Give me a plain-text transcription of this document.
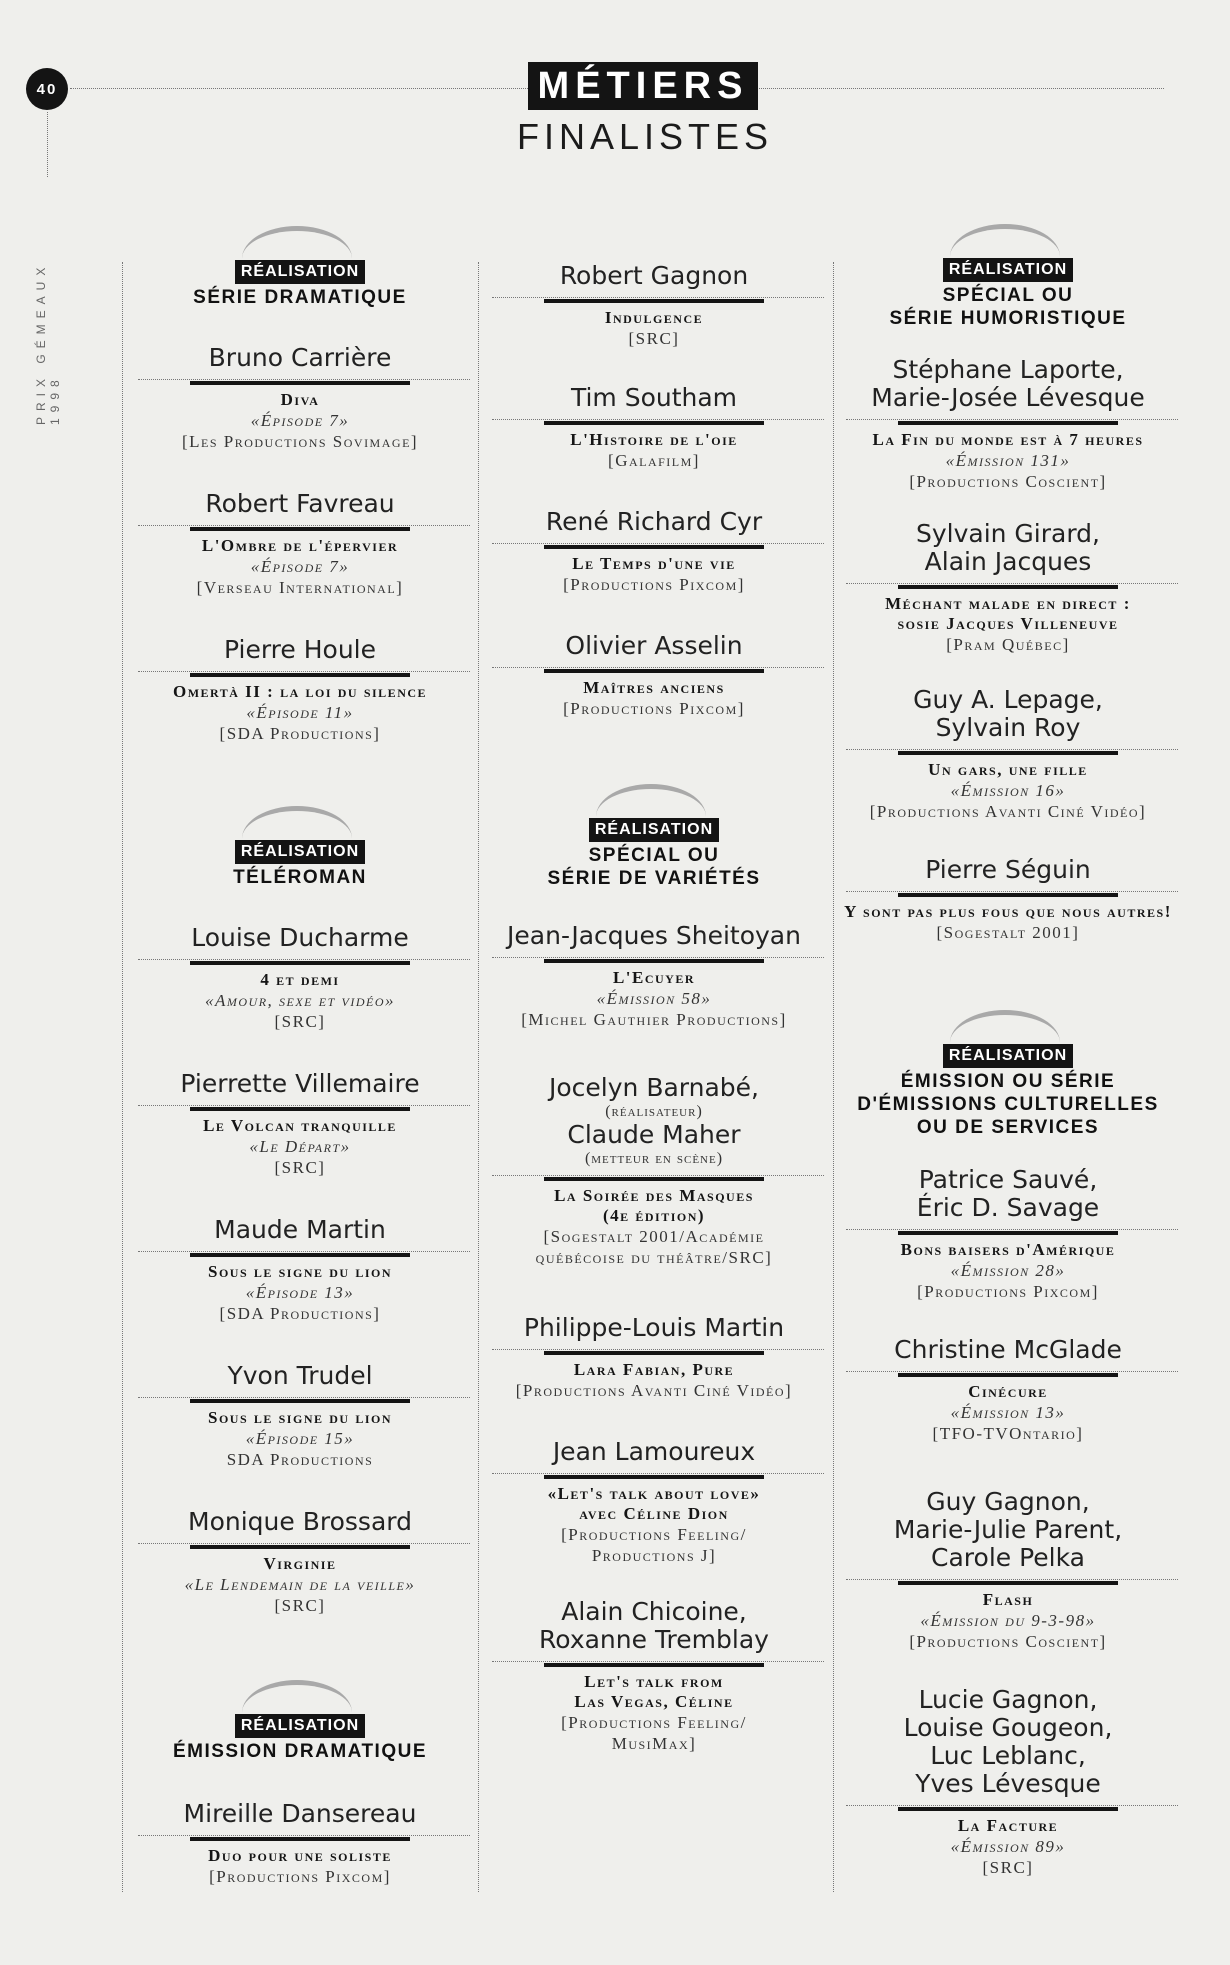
40
PRIX GÉMEAUX 1998
MÉTIERS
FINALISTES
RÉALISATION
SÉRIE DRAMATIQUE
Bruno Carrière
Diva
«Épisode 7»
[Les Productions Sovimage]
Robert Favreau
L'Ombre de l'épervier
«Épisode 7»
[Verseau International]
Pierre Houle
Omertà II : la loi du silence
«Épisode 11»
[SDA Productions]
RÉALISATION
TÉLÉROMAN
Louise Ducharme
4 et demi
«Amour, sexe et vidéo»
[SRC]
Pierrette Villemaire
Le Volcan tranquille
«Le Départ»
[SRC]
Maude Martin
Sous le signe du lion
«Épisode 13»
[SDA Productions]
Yvon Trudel
Sous le signe du lion
«Épisode 15»
SDA Productions
Monique Brossard
Virginie
«Le Lendemain de la veille»
[SRC]
RÉALISATION
ÉMISSION DRAMATIQUE
Mireille Dansereau
Duo pour une soliste
[Productions Pixcom]
Robert Gagnon
Indulgence
[SRC]
Tim Southam
L'Histoire de l'oie
[Galafilm]
René Richard Cyr
Le Temps d'une vie
[Productions Pixcom]
Olivier Asselin
Maîtres anciens
[Productions Pixcom]
RÉALISATION
SPÉCIAL OU
SÉRIE DE VARIÉTÉS
Jean-Jacques Sheitoyan
L'Ecuyer
«Émission 58»
[Michel Gauthier Productions]
Jocelyn Barnabé,
(réalisateur)
Claude Maher
(metteur en scène)
La Soirée des Masques
(4e édition)
[Sogestalt 2001/Académie
québécoise du théâtre/SRC]
Philippe-Louis Martin
Lara Fabian, Pure
[Productions Avanti Ciné Vidéo]
Jean Lamoureux
«Let's talk about love»
avec Céline Dion
[Productions Feeling/
Productions J]
Alain Chicoine,
Roxanne Tremblay
Let's talk from
Las Vegas, Céline
[Productions Feeling/
MusiMax]
RÉALISATION
SPÉCIAL OU
SÉRIE HUMORISTIQUE
Stéphane Laporte,
Marie-Josée Lévesque
La Fin du monde est à 7 heures
«Émission 131»
[Productions Coscient]
Sylvain Girard,
Alain Jacques
Méchant malade en direct :
sosie Jacques Villeneuve
[Pram Québec]
Guy A. Lepage,
Sylvain Roy
Un gars, une fille
«Émission 16»
[Productions Avanti Ciné Vidéo]
Pierre Séguin
Y sont pas plus fous que nous autres!
[Sogestalt 2001]
RÉALISATION
ÉMISSION OU SÉRIE
D'ÉMISSIONS CULTURELLES
OU DE SERVICES
Patrice Sauvé,
Éric D. Savage
Bons baisers d'Amérique
«Émission 28»
[Productions Pixcom]
Christine McGlade
Cinécure
«Émission 13»
[TFO-TVOntario]
Guy Gagnon,
Marie-Julie Parent,
Carole Pelka
Flash
«Émission du 9-3-98»
[Productions Coscient]
Lucie Gagnon,
Louise Gougeon,
Luc Leblanc,
Yves Lévesque
La Facture
«Émission 89»
[SRC]
